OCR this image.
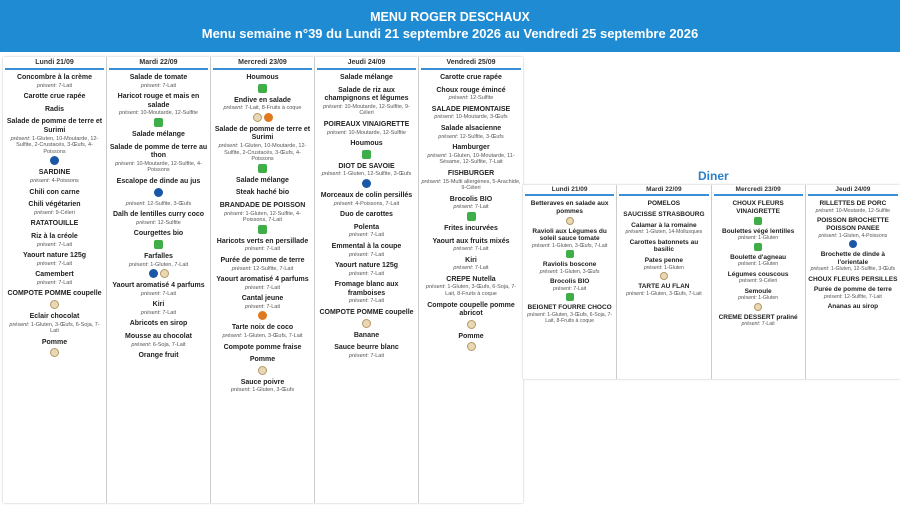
MENU ROGER DESCHAUX
Menu semaine n°39 du Lundi 21 septembre 2026 au Vendredi 25 septembre 2026
Lundi 21/09
Concombre à la crème
présent: 7-Lait
Carotte crue rapée
Radis
Salade de pomme de terre et Surimi
présent: 1-Gluten, 10-Moutarde, 12-Sulfite, 2-Crustacés, 3-Œufs, 4-Poissons
SARDINE
présent: 4-Poissons
Chili con carne
Chili végétarien
présent: 9-Céleri
RATATOUILLE
Riz à la créole
présent: 7-Lait
Yaourt nature 125g
présent: 7-Lait
Camembert
présent: 7-Lait
COMPOTE POMME coupelle
Eclair chocolat
présent: 1-Gluten, 3-Œufs, 6-Soja, 7-Lait
Pomme
Mardi 22/09
Salade de tomate
présent: 7-Lait
Haricot rouge et mais en salade
présent: 10-Moutarde, 12-Sulfite
Salade mélange
Salade de pomme de terre au thon
présent: 10-Moutarde, 12-Sulfite, 4-Poissons
Escalope de dinde au jus
présent: 12-Sulfite, 3-Œufs
Dalh de lentilles curry coco
présent: 12-Sulfite
Courgettes bio
Farfalles
présent: 1-Gluten, 7-Lait
Yaourt aromatisé 4 parfums
présent: 7-Lait
Kiri
présent: 7-Lait
Abricots en sirop
Mousse au chocolat
présent: 6-Soja, 7-Lait
Orange fruit
Mercredi 23/09
Houmous
Endive en salade
présent: 7-Lait, 8-Fruits à coque
Salade de pomme de terre et Surimi
présent: 1-Gluten, 10-Moutarde, 12-Sulfite, 2-Crustacés, 3-Œufs, 4-Poissons
Salade mélange
Steak haché bio
BRANDADE DE POISSON
présent: 1-Gluten, 12-Sulfite, 4-Poissons, 7-Lait
Haricots verts en persillade
présent: 7-Lait
Purée de pomme de terre
présent: 12-Sulfite, 7-Lait
Yaourt aromatisé 4 parfums
présent: 7-Lait
Cantal jeune
présent: 7-Lait
Tarte noix de coco
présent: 1-Gluten, 3-Œufs, 7-Lait
Compote pomme fraise
Pomme
Sauce poivre
présent: 1-Gluten, 3-Œufs
Jeudi 24/09
Salade mélange
Salade de riz aux champignons et légumes
présent: 10-Moutarde, 12-Sulfite, 9-Céleri
POIREAUX VINAIGRETTE
présent: 10-Moutarde, 12-Sulfite
Houmous
DIOT DE SAVOIE
présent: 1-Gluten, 12-Sulfite, 3-Œufs
Morceaux de colin persillés
présent: 4-Poissons, 7-Lait
Duo de carottes
Polenta
présent: 7-Lait
Emmental à la coupe
présent: 7-Lait
Yaourt nature 125g
présent: 7-Lait
Fromage blanc aux framboises
présent: 7-Lait
COMPOTE POMME coupelle
Banane
Sauce beurre blanc
présent: 7-Lait
Vendredi 25/09
Carotte crue rapée
Choux rouge émincé
présent: 12-Sulfite
SALADE PIEMONTAISE
présent: 10-Moutarde, 3-Œufs
Salade alsacienne
présent: 12-Sulfite, 3-Œufs
Hamburger
présent: 1-Gluten, 10-Moutarde, 11-Sésame, 12-Sulfite, 7-Lait
FISHBURGER
présent: 15-Multi allergènes, 5-Arachide, 9-Céleri
Brocolis BIO
présent: 7-Lait
Frites incurvées
Yaourt aux fruits mixés
présent: 7-Lait
Kiri
présent: 7-Lait
CREPE Nutella
présent: 1-Gluten, 3-Œufs, 6-Soja, 7-Lait, 8-Fruits à coque
Compote coupelle pomme abricot
Pomme
Diner
Lundi 21/09
Betteraves en salade aux pommes
Ravioli aux Légumes du soleil sauce tomate
présent: 1-Gluten, 3-Œufs, 7-Lait
Raviolis boscone
présent: 1-Gluten, 3-Œufs
Brocolis BIO
présent: 7-Lait
BEIGNET FOURRE CHOCO
présent: 1-Gluten, 3-Œufs, 6-Soja, 7-Lait, 8-Fruits à coque
Mardi 22/09
POMELOS
SAUCISSE STRASBOURG
Calamar à la romaine
présent: 1-Gluten, 14-Mollusques
Carottes batonnets au basilic
Pates penne
présent: 1-Gluten
TARTE AU FLAN
présent: 1-Gluten, 3-Œufs, 7-Lait
Mercredi 23/09
CHOUX FLEURS VINAIGRETTE
Boulettes végé lentilles
présent: 1-Gluten
Boulette d'agneau
présent: 1-Gluten
Légumes couscous
présent: 9-Céleri
Semoule
présent: 1-Gluten
CREME DESSERT praliné
présent: 7-Lait
Jeudi 24/09
RILLETTES DE PORC
présent: 10-Moutarde, 12-Sulfite
POISSON BROCHETTE POISSON PANEE
présent: 1-Gluten, 4-Poissons
Brochette de dinde à l'orientale
présent: 1-Gluten, 12-Sulfite, 3-Œufs
CHOUX FLEURS PERSILLES
Purée de pomme de terre
présent: 12-Sulfite, 7-Lait
Ananas au sirop
